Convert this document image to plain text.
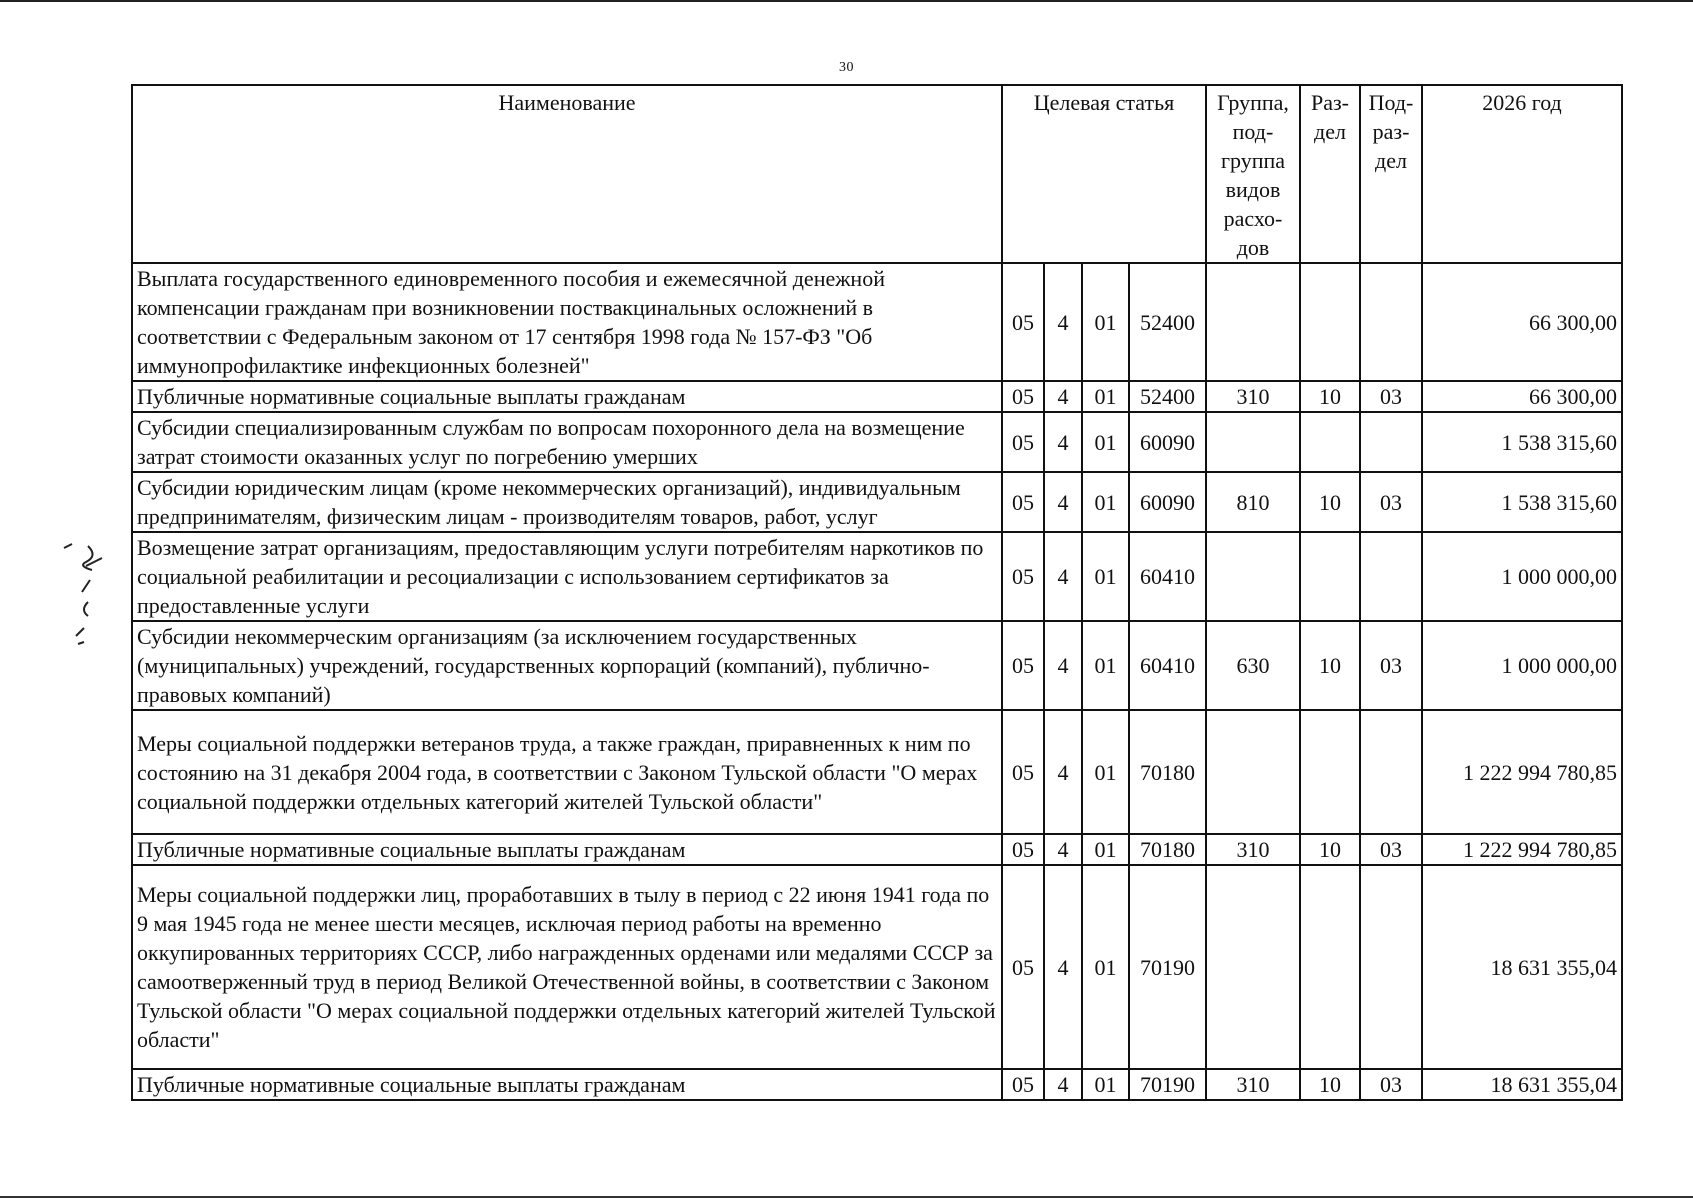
30
Наименование	Целевая статья				Группа, под-группа видов расхо-дов	Раз-дел	Под-раз-дел	2026 год
Выплата государственного единовременного пособия и ежемесячной денежной компенсации гражданам при возникновении поствакцинальных осложнений в соответствии с Федеральным законом от 17 сентября 1998 года № 157-ФЗ "Об иммунопрофилактике инфекционных болезней"	05	4	01	52400				66 300,00
Публичные нормативные социальные выплаты гражданам	05	4	01	52400	310	10	03	66 300,00
Субсидии специализированным службам по вопросам похоронного дела на возмещение затрат стоимости оказанных услуг по погребению умерших	05	4	01	60090				1 538 315,60
Субсидии юридическим лицам (кроме некоммерческих организаций), индивидуальным предпринимателям, физическим лицам - производителям товаров, работ, услуг	05	4	01	60090	810	10	03	1 538 315,60
Возмещение затрат организациям, предоставляющим услуги потребителям наркотиков по социальной реабилитации и ресоциализации с использованием сертификатов за предоставленные услуги	05	4	01	60410				1 000 000,00
Субсидии некоммерческим организациям (за исключением государственных (муниципальных) учреждений, государственных корпораций (компаний), публично-правовых компаний)	05	4	01	60410	630	10	03	1 000 000,00
Меры социальной поддержки ветеранов труда, а также граждан, приравненных к ним по состоянию на 31 декабря 2004 года, в соответствии с Законом Тульской области "О мерах социальной поддержки отдельных категорий жителей Тульской области"	05	4	01	70180				1 222 994 780,85
Публичные нормативные социальные выплаты гражданам	05	4	01	70180	310	10	03	1 222 994 780,85
Меры социальной поддержки лиц, проработавших в тылу в период с 22 июня 1941 года по 9 мая 1945 года не менее шести месяцев, исключая период работы на временно оккупированных территориях СССР, либо награжденных орденами или медалями СССР за самоотверженный труд в период Великой Отечественной войны, в соответствии с Законом Тульской области "О мерах социальной поддержки отдельных категорий жителей Тульской области"	05	4	01	70190				18 631 355,04
Публичные нормативные социальные выплаты гражданам	05	4	01	70190	310	10	03	18 631 355,04
